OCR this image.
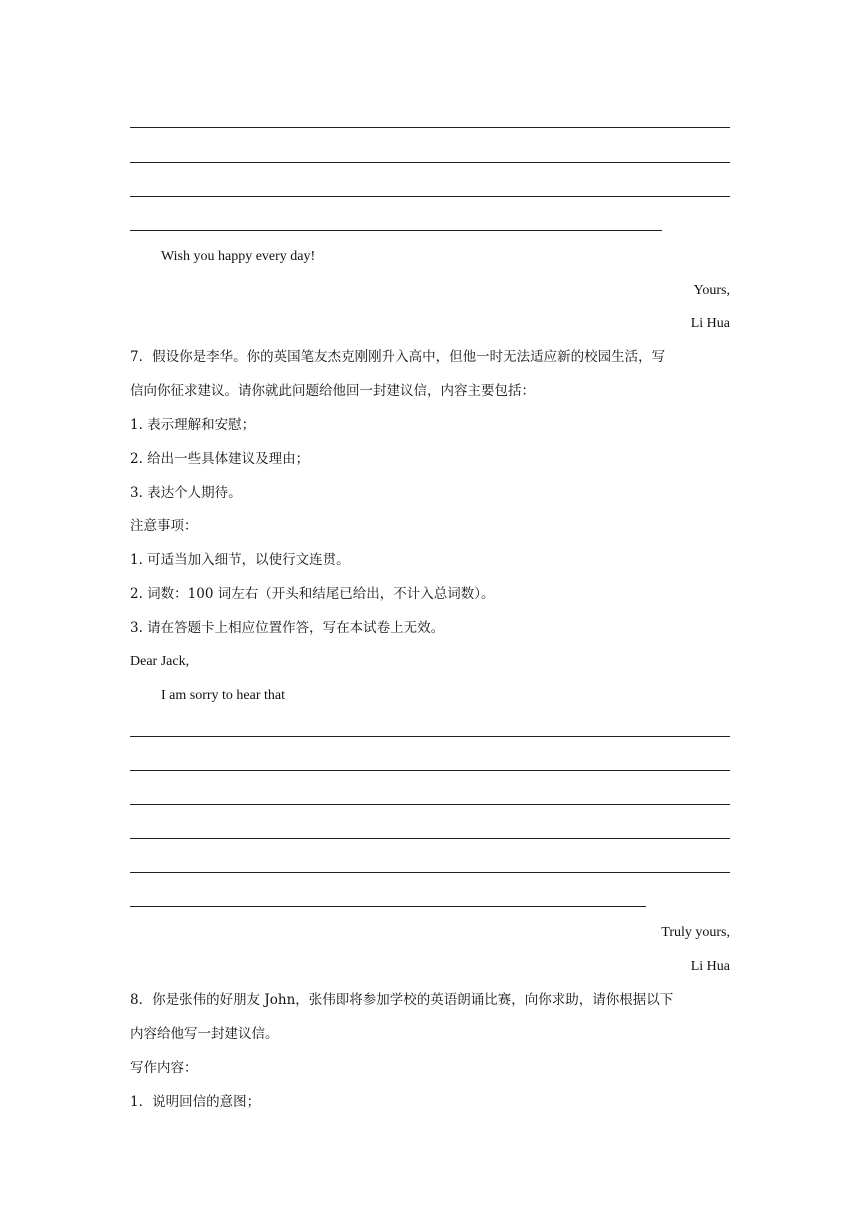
Wish you happy every day!
Yours,
Li Hua
7．假设你是李华。你的英国笔友杰克刚刚升入高中，但他一时无法适应新的校园生活，写
信向你征求建议。请你就此问题给他回一封建议信，内容主要包括：
1. 表示理解和安慰；
2. 给出一些具体建议及理由；
3. 表达个人期待。
注意事项：
1. 可适当加入细节，以使行文连贯。
2. 词数：100 词左右（开头和结尾已给出，不计入总词数）。
3. 请在答题卡上相应位置作答，写在本试卷上无效。
Dear Jack,
I am sorry to hear that
Truly yours,
Li Hua
8．你是张伟的好朋友 John，张伟即将参加学校的英语朗诵比赛，向你求助，请你根据以下
内容给他写一封建议信。
写作内容：
1．说明回信的意图；
